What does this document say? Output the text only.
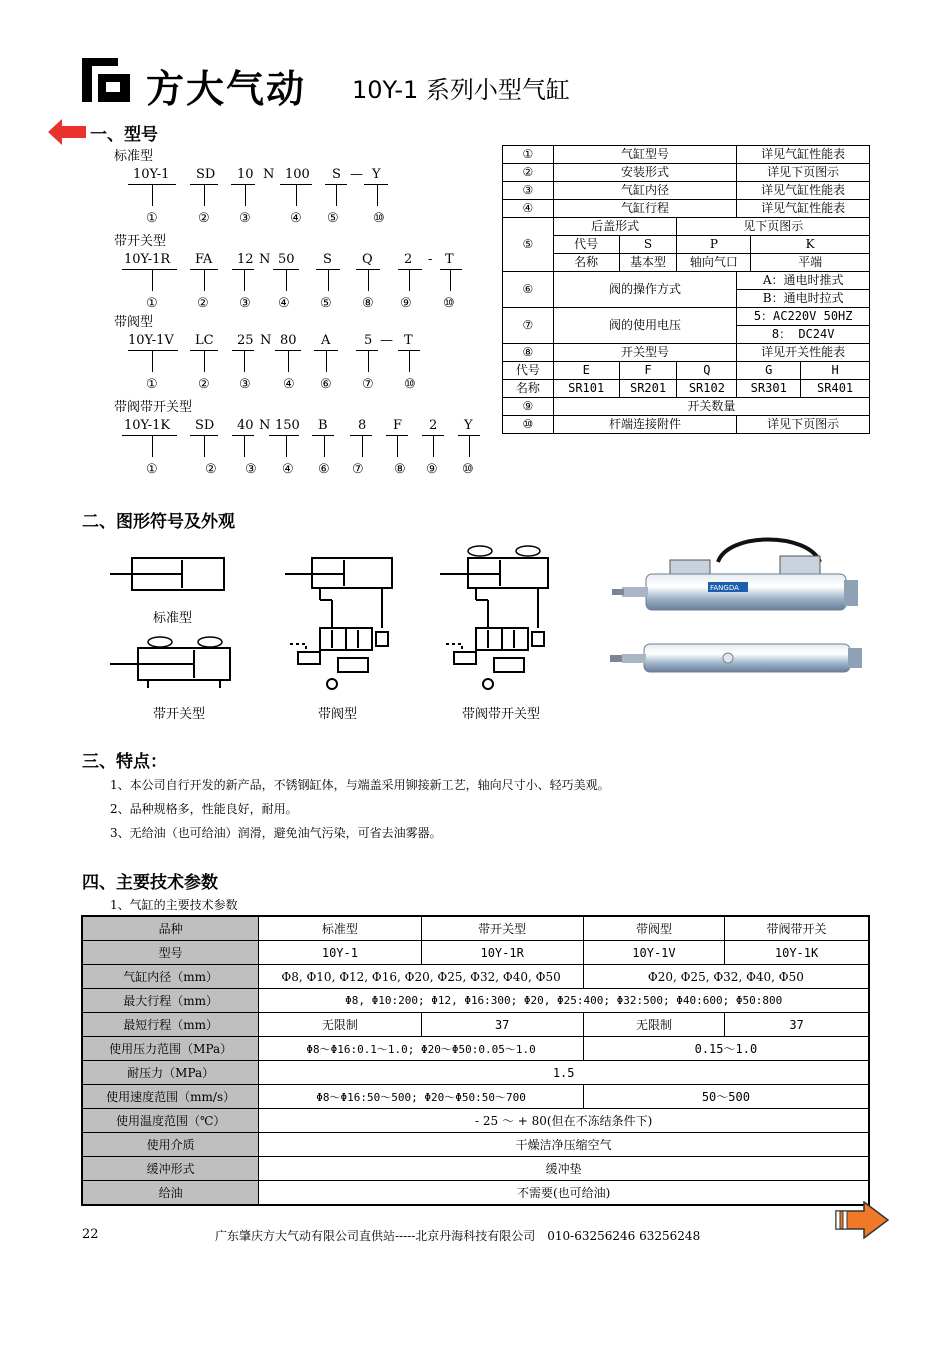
方大气动 10Y-1 系列小型气缸
一、型号
标准型
10Y-1 SD 10 N 100 S — Y
①	② ③	④ ⑤	⑩
带开关型
10Y-1R FA 12 N 50 S Q 2 - T
①	② ③ ④ ⑤ ⑧ ⑨ ⑩
带阀型
10Y-1V LC 25 N 80 A	5 — T
①	② ③ ④ ⑥ ⑦ ⑩
带阀带开关型
10Y-1K SD 40 N 150 B 8 F 2 Y
①	② ③ ④ ⑥ ⑦ ⑧ ⑨ ⑩
①	气缸型号			详见气缸性能表		
②	安装形式			详见下页图示		
③	气缸内径			详见气缸性能表		
④	气缸行程			详见气缸性能表		
⑤	后盖形式		见下页图示			
	代号	S	P		K	
	名称	基本型	轴向气口		平端	
⑥	阀的操作方式			A：通电时推式		
				B：通电时拉式		
⑦	阀的使用电压			5：AC220V 50HZ		
				8： DC24V		
⑧	开关型号			详见开关性能表		
代号	E	F	Q	G		H
名称	SR101	SR201	SR102	SR301		SR401
⑨	开关数量					
⑩	杆端连接附件			详见下页图示		
二、图形符号及外观
标准型
带开关型	带阀型	带阀带开关型
FANGDA
三、特点：
1、本公司自行开发的新产品，不锈钢缸体，与端盖采用铆接新工艺，轴向尺寸小、轻巧美观。
2、品种规格多，性能良好，耐用。
3、无给油（也可给油）润滑，避免油气污染，可省去油雾器。
四、主要技术参数
1、气缸的主要技术参数
品种	标准型	带开关型	带阀型	带阀带开关
型号	10Y-1	10Y-1R	10Y-1V	10Y-1K
气缸内径（mm）	Φ8, Φ10, Φ12, Φ16, Φ20, Φ25, Φ32, Φ40, Φ50		Φ20, Φ25, Φ32, Φ40, Φ50	
最大行程（mm）	Φ8, Φ10:200; Φ12, Φ16:300; Φ20, Φ25:400; Φ32:500; Φ40:600; Φ50:800			
最短行程（mm）	无限制	37	无限制	37
使用压力范围（MPa）	Φ8～Φ16:0.1～1.0; Φ20～Φ50:0.05～1.0		0.15～1.0	
耐压力（MPa）	1.5			
使用速度范围（mm/s）	Φ8～Φ16:50～500; Φ20～Φ50:50～700		50～500	
使用温度范围（℃）	- 25 ～ + 80(但在不冻结条件下)			
使用介质	干燥洁净压缩空气			
缓冲形式	缓冲垫			
给油	不需要(也可给油)			
22	广东肇庆方大气动有限公司直供站-----北京丹海科技有限公司　010-63256246 63256248
